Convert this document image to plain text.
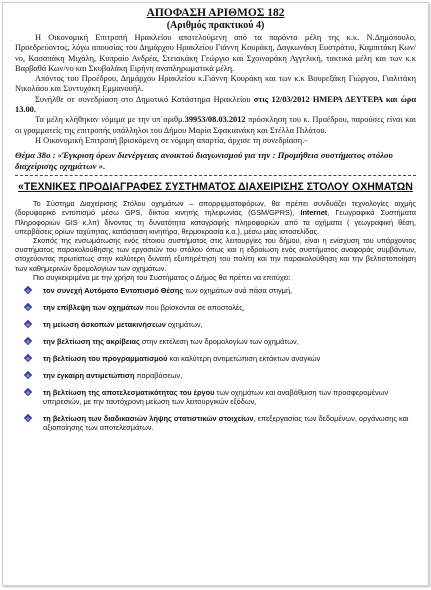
ΑΠΟΦΑΣΗ ΑΡΙΘΜΟΣ 182
(Αριθμός πρακτικού 4)

Η Οικονομική Επιτροπή Ηρακλείου αποτελούμενη από τα παρόντα μέλη της κ.κ. Ν.Δημόπουλο, Προεδρεύοντος, λόγω απουσίας του Δημάρχου Ηρακλείου Γιάννη Κουράκη, Δαγκωνάκη Ευστράτιο, Καμπιτάκη Κων/νο, Κασαπάκη Μιχάλη, Κυπραίο Ανδρέα, Στειακάκη Γεώργιο και Σχοιναράκη Αγγελική, τακτικά μέλη και των κ.κ Βαρβαθά Κων/νο και Σκυβαλάκη Ειρήνη αναπληρωματικά μέλη.

Απόντος του Προέδρου, Δημάρχου Ηρακλείου κ.Γιάννη Κουράκη και των κ.κ Βουρεξάκη Γιώργου, Γιαλιτάκη Νικολάου και Συντυχάκη Εμμανουήλ.

Συνήλθε σε συνεδρίαση στο Δημοτικό Κατάστημα Ηρακλείου στις 12/03/2012 ΗΜΕΡΑ ΔΕΥΤΕΡΑ και ώρα 13.00.

Τα μέλη κλήθηκαν νόμιμα με την υπ΄αριθμ.39953/08.03.2012 πρόσκληση του κ. Προέδρου, παρούσες είναι και οι γραμματείς της επιτροπής υπάλληλοι του Δήμου Μαρία Σφακιανάκη και Στέλλα Πιλάτου.

Η Οικονομική Επιτροπή βρισκόμενη σε νόμιμη απαρτία, άρχισε τη συνεδρίαση.-

Θέμα 38ο : «Έγκριση όρων διενέργειας ανοικτού διαγωνισμού για την : Προμήθεια συστήματος στόλου διαχείρισης οχημάτων ».
«ΤΕΧΝΙΚΕΣ ΠΡΟΔΙΑΓΡΑΦΕΣ ΣΥΣΤΗΜΑΤΟΣ ΔΙΑΧΕΙΡΙΣΗΣ ΣΤΟΛΟΥ ΟΧΗΜΑΤΩΝ

Το Σύστημα Διαχείρισης Στόλου οχημάτων – απορριμματοφόρων, θα πρέπει συνδυάζει τεχνολογίες αιχμής (δορυφορικό εντοπισμό μέσω GPS, δίκτυα κινητής τηλεφωνίας (GSM/GPRS), Internet, Γεωγραφικά Συστήματα Πληροφοριών GIS κ.λπ) δίνοντας τη δυνατότητα καταγραφής πληροφοριών από τα οχήματα ( γεωγραφική θέση, υπερβάσεις ορίων ταχύτητας, κατάσταση κινητήρα, θερμοκρασία κ.α.), μέσω μιας ιστοσελίδας.

Σκοπός της ενσωμάτωσης ενός τέτοιου συστήματος στις λειτουργίες του δήμου, είναι η ενίσχυση του υπάρχοντος συστήματος παρακολούθησης των εργασιών του στόλου όπως και η εδραίωση ενός συστήματος αναφοράς συμβάντων, στοχεύοντας πρωτίστως στην καλύτερη δυνατή εξυπηρέτηση του πολίτη και την παρακολούθηση και την βελτιστοποίηση των καθημερινών δρομολογίων των οχημάτων.

Πιο συγκεκριμένα με την χρήση του Συστήματος ο Δήμος θα πρέπει να επιτύχει:

τον συνεχή Αυτόματο Εντοπισμό Θέσης των οχημάτων ανά πάσα στιγμή,
την επίβλεψη των οχημάτων που βρίσκονται σε αποστολές,
τη μείωση άσκοπων μετακινήσεων οχημάτων,
την βελτίωση της ακρίβειας στην εκτέλεση των δρομολογίων των οχημάτων,
τη βελτίωση του προγραμματισμού και καλύτερη αντιμετώπιση εκτάκτων αναγκών
την έγκαιρη αντιμετώπιση παραβάσεων,
τη βελτίωση της αποτελεσματικότητας του έργου των οχημάτων και αναβάθμιση των προσφερομένων υπηρεσιών, με την ταυτόχρονη μείωση των λειτουργικών εξόδων,
τη βελτίωση των διαδικασιών λήψης στατιστικών στοιχείων, επεξεργασίας των δεδομένων, οργάνωσης και αξιοποίησης των αποτελεσμάτων.
